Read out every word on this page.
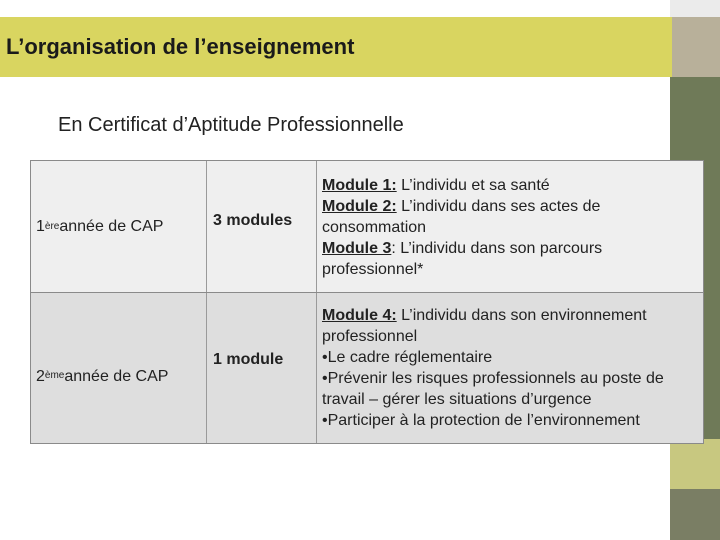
L’organisation de l’enseignement
En Certificat d’Aptitude Professionnelle
1 ère année de CAP	3 modules
Module 1: L’individu et sa santé
Module 2: L’individu dans ses actes de consommation
Module 3: L’individu dans son parcours professionnel*
2 ème année de CAP
1 module
Module 4: L’individu dans son environnement professionnel
•Le cadre réglementaire
•Prévenir les risques professionnels au poste de travail – gérer les situations d’urgence
•Participer à la protection de l’environnement
